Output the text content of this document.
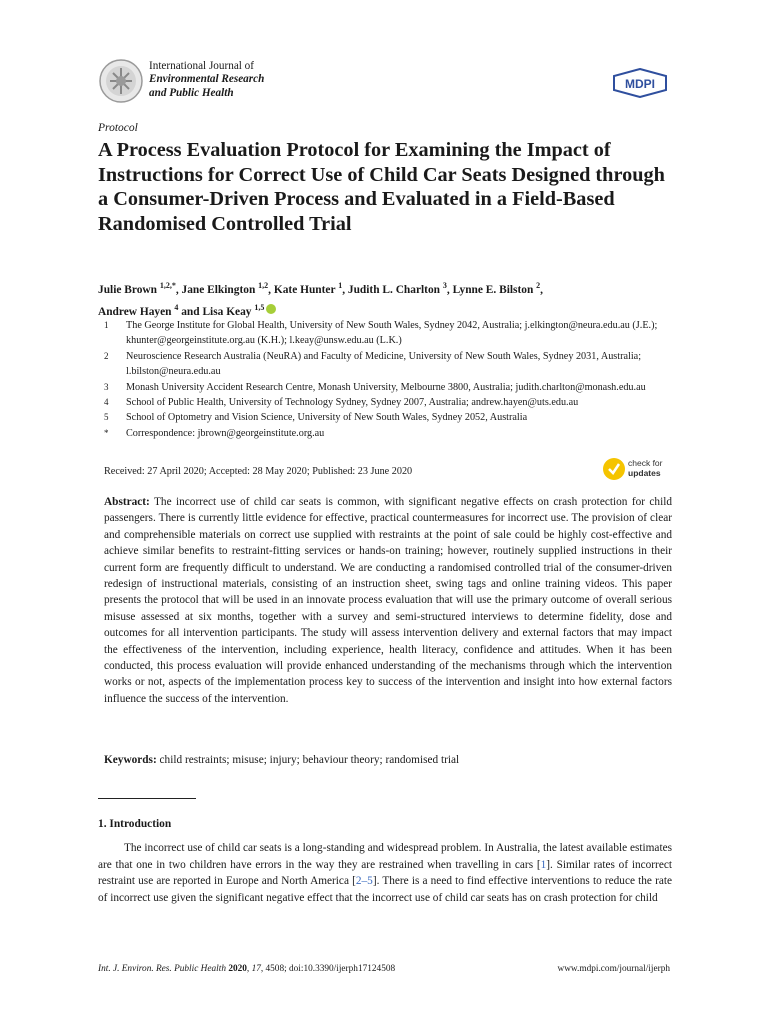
International Journal of
Environmental Research
and Public Health
MDPI
Protocol
A Process Evaluation Protocol for Examining the Impact of Instructions for Correct Use of Child Car Seats Designed through a Consumer-Driven Process and Evaluated in a Field-Based Randomised Controlled Trial
Julie Brown $^{1,2,*}$, Jane Elkington $^{1,2}$, Kate Hunter $^1$, Judith L. Charlton $^3$, Lynne E. Bilston $^2$,
Andrew Hayen $^4$ and Lisa Keay $^{1,5}$
1 The George Institute for Global Health, University of New South Wales, Sydney 2042, Australia; j.elkington@neura.edu.au (J.E.); khunter@georgeinstitute.org.au (K.H.); l.keay@unsw.edu.au (L.K.)
2 Neuroscience Research Australia (NeuRA) and Faculty of Medicine, University of New South Wales, Sydney 2031, Australia; l.bilston@neura.edu.au
3 Monash University Accident Research Centre, Monash University, Melbourne 3800, Australia; judith.charlton@monash.edu.au
4 School of Public Health, University of Technology Sydney, Sydney 2007, Australia; andrew.hayen@uts.edu.au
5 School of Optometry and Vision Science, University of New South Wales, Sydney 2052, Australia
* Correspondence: jbrown@georgeinstitute.org.au
Received: 27 April 2020; Accepted: 28 May 2020; Published: 23 June 2020
check for
updates
Abstract: The incorrect use of child car seats is common, with significant negative effects on crash protection for child passengers. There is currently little evidence for effective, practical countermeasures for incorrect use. The provision of clear and comprehensible materials on correct use supplied with restraints at the point of sale could be highly cost-effective and achieve similar benefits to restraint-fitting services or hands-on training; however, routinely supplied instructions in their current form are frequently difficult to understand. We are conducting a randomised controlled trial of the consumer-driven redesign of instructional materials, consisting of an instruction sheet, swing tags and online training videos. This paper presents the protocol that will be used in an innovate process evaluation that will use the primary outcome of overall serious misuse assessed at six months, together with a survey and semi-structured interviews to determine fidelity, dose and outcomes for all intervention participants. The study will assess intervention delivery and external factors that may impact the effectiveness of the intervention, including experience, health literacy, confidence and attitudes. When it has been conducted, this process evaluation will provide enhanced understanding of the mechanisms through which the intervention works or not, aspects of the implementation process key to success of the intervention and insight into how external factors influence the success of the intervention.
Keywords: child restraints; misuse; injury; behaviour theory; randomised trial
1. Introduction
The incorrect use of child car seats is a long-standing and widespread problem. In Australia, the latest available estimates are that one in two children have errors in the way they are restrained when travelling in cars [1]. Similar rates of incorrect restraint use are reported in Europe and North America [2–5]. There is a need to find effective interventions to reduce the rate of incorrect use given the significant negative effect that the incorrect use of child car seats has on crash protection for child
Int. J. Environ. Res. Public Health 2020, 17, 4508; doi:10.3390/ijerph17124508	www.mdpi.com/journal/ijerph
